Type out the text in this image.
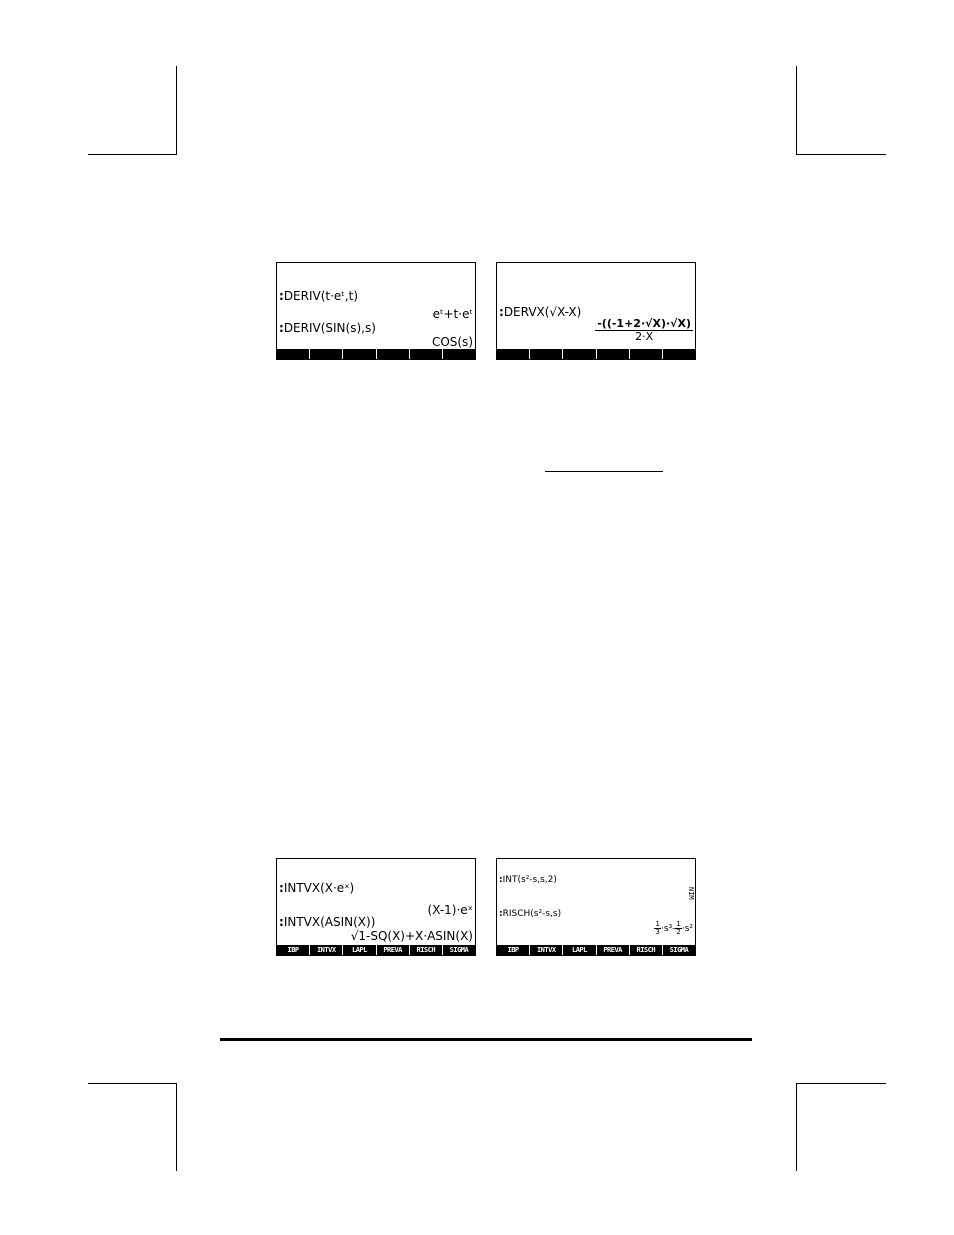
:DERIV(t·eᵗ,t)
eᵗ+t·eᵗ
:DERIV(SIN(s),s)
COS(s)
:DERVX(√X-X)
$\frac{-((-1+2\cdot√X)\cdot√X)}{2\cdot X}$
:INTVX(X·eˣ)
(X-1)·eˣ
:INTVX(ASIN(X))
√1-SQ(X)+X·ASIN(X)
IBP	INTVX	LAPL	PREVA	RISCH	SIGMA
:INT(s²-s,s,2)
:RISCH(s²-s,s)
NIM
$\frac{1}{3} \cdot s^3- \frac{1}{2} \cdot s^2$
IBP	INTVX	LAPL	PREVA	RISCH	SIGMA
